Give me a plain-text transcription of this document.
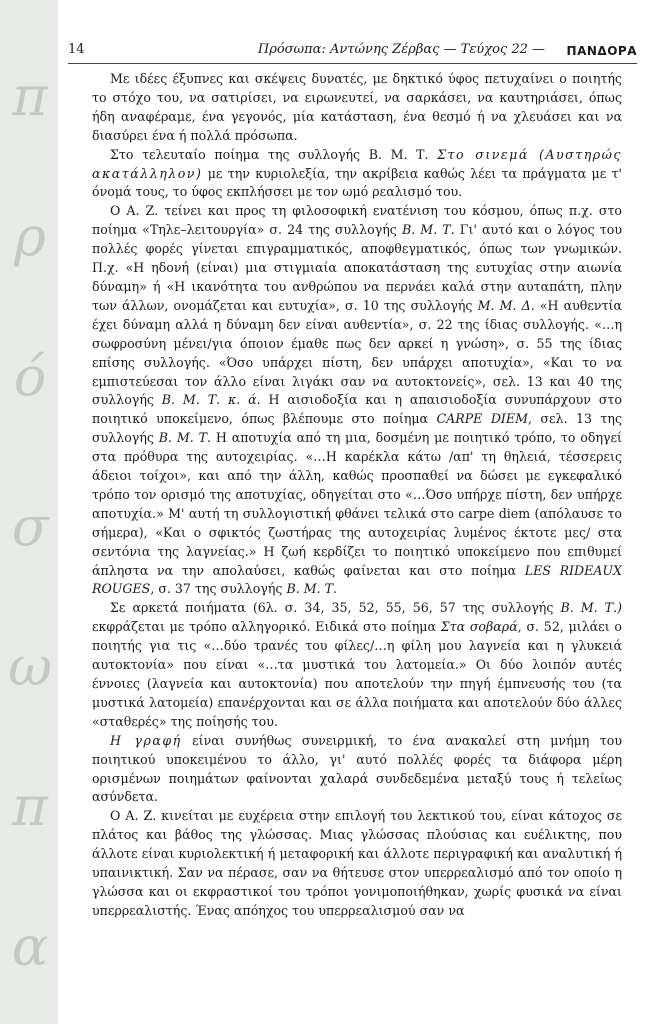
π
ρ
ό
σ
ω
π
α
14	Πρόσωπα: Αντώνης Ζέρβας — Τεύχος 22 — ΠΑΝΔΟΡΑ

Με ιδέες έξυπνες και σκέψεις δυνατές, με δηκτικό ύφος πετυχαίνει ο ποιητής το στόχο του, να σατιρίσει, να ειρωνευτεί, να σαρκάσει, να καυτηριάσει, όπως ήδη αναφέραμε, ένα γεγονός, μία κατάσταση, ένα θεσμό ή να χλευάσει και να διασύρει ένα ή πολλά πρόσωπα.

Στο τελευταίο ποίημα της συλλογής Β. Μ. Τ. Στο σινεμά (Αυστηρώς ακατάλληλον) με την κυριολεξία, την ακρίβεια καθώς λέει τα πράγματα με τ' όνομά τους, το ύφος εκπλήσσει με τον ωμό ρεαλισμό του.

Ο Α. Ζ. τείνει και προς τη φιλοσοφική ενατένιση του κόσμου, όπως π.χ. στο ποίημα «Τηλε–λειτουργία» σ. 24 της συλλογής Β. Μ. Τ. Γι' αυτό και ο λόγος του πολλές φορές γίνεται επιγραμματικός, αποφθεγματικός, όπως των γνωμικών. Π.χ. «Η ηδονή (είναι) μια στιγμιαία αποκατάσταση της ευτυχίας στην αιωνία δύναμη» ή «Η ικανότητα του ανθρώπου να περνάει καλά στην αυταπάτη, πλην των άλλων, ονομάζεται και ευτυχία», σ. 10 της συλλογής Μ. Μ. Δ. «Η αυθεντία έχει δύναμη αλλά η δύναμη δεν είναι αυθεντία», σ. 22 της ίδιας συλλογής. «…η σωφροσύνη μένει/για όποιον έμαθε πως δεν αρκεί η γνώση», σ. 55 της ίδιας επίσης συλλογής. «Όσο υπάρχει πίστη, δεν υπάρχει αποτυχία», «Και το να εμπιστεύεσαι τον άλλο είναι λιγάκι σαν να αυτοκτονείς», σελ. 13 και 40 της συλλογής Β. Μ. Τ. κ. ά. Η αισιοδοξία και η απαισιοδοξία συνυπάρχουν στο ποιητικό υποκείμενο, όπως βλέπουμε στο ποίημα CARPE DIEM, σελ. 13 της συλλογής Β. Μ. Τ. Η αποτυχία από τη μια, δοσμένη με ποιητικό τρόπο, το οδηγεί στα πρόθυρα της αυτοχειρίας. «…Η καρέκλα κάτω /απ' τη θηλειά, τέσσερεις άδειοι τοίχοι», και από την άλλη, καθώς προσπαθεί να δώσει με εγκεφαλικό τρόπο τον ορισμό της αποτυχίας, οδηγείται στο «…Όσο υπήρχε πίστη, δεν υπήρχε αποτυχία.» Μ' αυτή τη συλλογιστική φθάνει τελικά στο carpe diem (απόλαυσε το σήμερα), «Και ο σφικτός ζωστήρας της αυτοχειρίας λυμένος έκτοτε μες/ στα σεντόνια της λαγνείας.» Η ζωή κερδίζει το ποιητικό υποκείμενο που επιθυμεί άπληστα να την απολαύσει, καθώς φαίνεται και στο ποίημα LES RIDEAUX ROUGES, σ. 37 της συλλογής Β. Μ. Τ.

Σε αρκετά ποιήματα (6λ. σ. 34, 35, 52, 55, 56, 57 της συλλογής Β. Μ. Τ.) εκφράζεται με τρόπο αλληγορικό. Ειδικά στο ποίημα Στα σοβαρά, σ. 52, μιλάει ο ποιητής για τις «…δύο τρανές του φίλες/…η φίλη μου λαγνεία και η γλυκειά αυτοκτονία» που είναι «…τα μυστικά του λατομεία.» Οι δύο λοιπόν αυτές έννοιες (λαγνεία και αυτοκτονία) που αποτελούν την πηγή έμπνευσής του (τα μυστικά λατομεία) επανέρχονται και σε άλλα ποιήματα και αποτελούν δύο άλλες «σταθερές» της ποίησής του.

Η γραφή είναι συνήθως συνειρμική, το ένα ανακαλεί στη μνήμη του ποιητικού υποκειμένου το άλλο, γι' αυτό πολλές φορές τα διάφορα μέρη ορισμένων ποιημάτων φαίνονται χαλαρά συνδεδεμένα μεταξύ τους ή τελείως ασύνδετα.

Ο Α. Ζ. κινείται με ευχέρεια στην επιλογή του λεκτικού του, είναι κάτοχος σε πλάτος και βάθος της γλώσσας. Μιας γλώσσας πλούσιας και ευέλικτης, που άλλοτε είναι κυριολεκτική ή μεταφορική και άλλοτε περιγραφική και αναλυτική ή υπαινικτική. Σαν να πέρασε, σαν να θήτευσε στον υπερρεαλισμό από τον οποίο η γλώσσα και οι εκφραστικοί του τρόποι γονιμοποιήθηκαν, χωρίς φυσικά να είναι υπερρεαλιστής. Ένας απόηχος του υπερρεαλισμού σαν να
